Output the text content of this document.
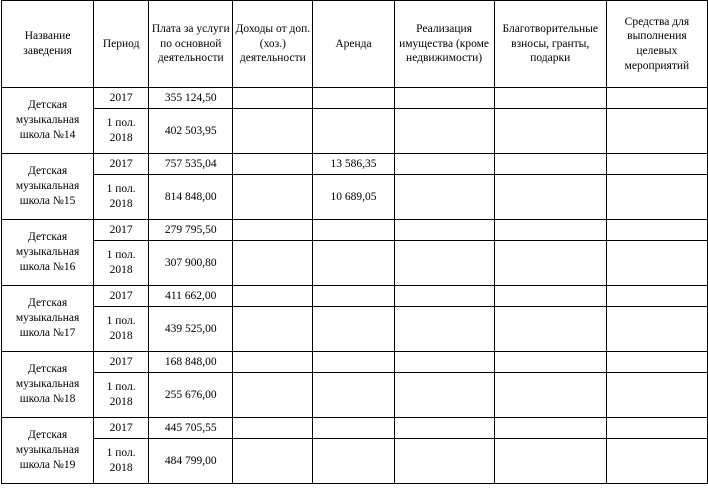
Название заведения	Период	Плата за услуги по основной деятельности	Доходы от доп. (хоз.) деятельности	Аренда	Реализация имущества (кроме недвижимости)	Благотворительные взносы, гранты, подарки	Средства для выполнения целевых мероприятий
Детская музыкальная школа №14	2017	355 124,50					
	1 пол. 2018	402 503,95					
Детская музыкальная школа №15	2017	757 535,04		13 586,35			
	1 пол. 2018	814 848,00		10 689,05			
Детская музыкальная школа №16	2017	279 795,50					
	1 пол. 2018	307 900,80					
Детская музыкальная школа №17	2017	411 662,00					
	1 пол. 2018	439 525,00					
Детская музыкальная школа №18	2017	168 848,00					
	1 пол. 2018	255 676,00					
Детская музыкальная школа №19	2017	445 705,55					
	1 пол. 2018	484 799,00					
